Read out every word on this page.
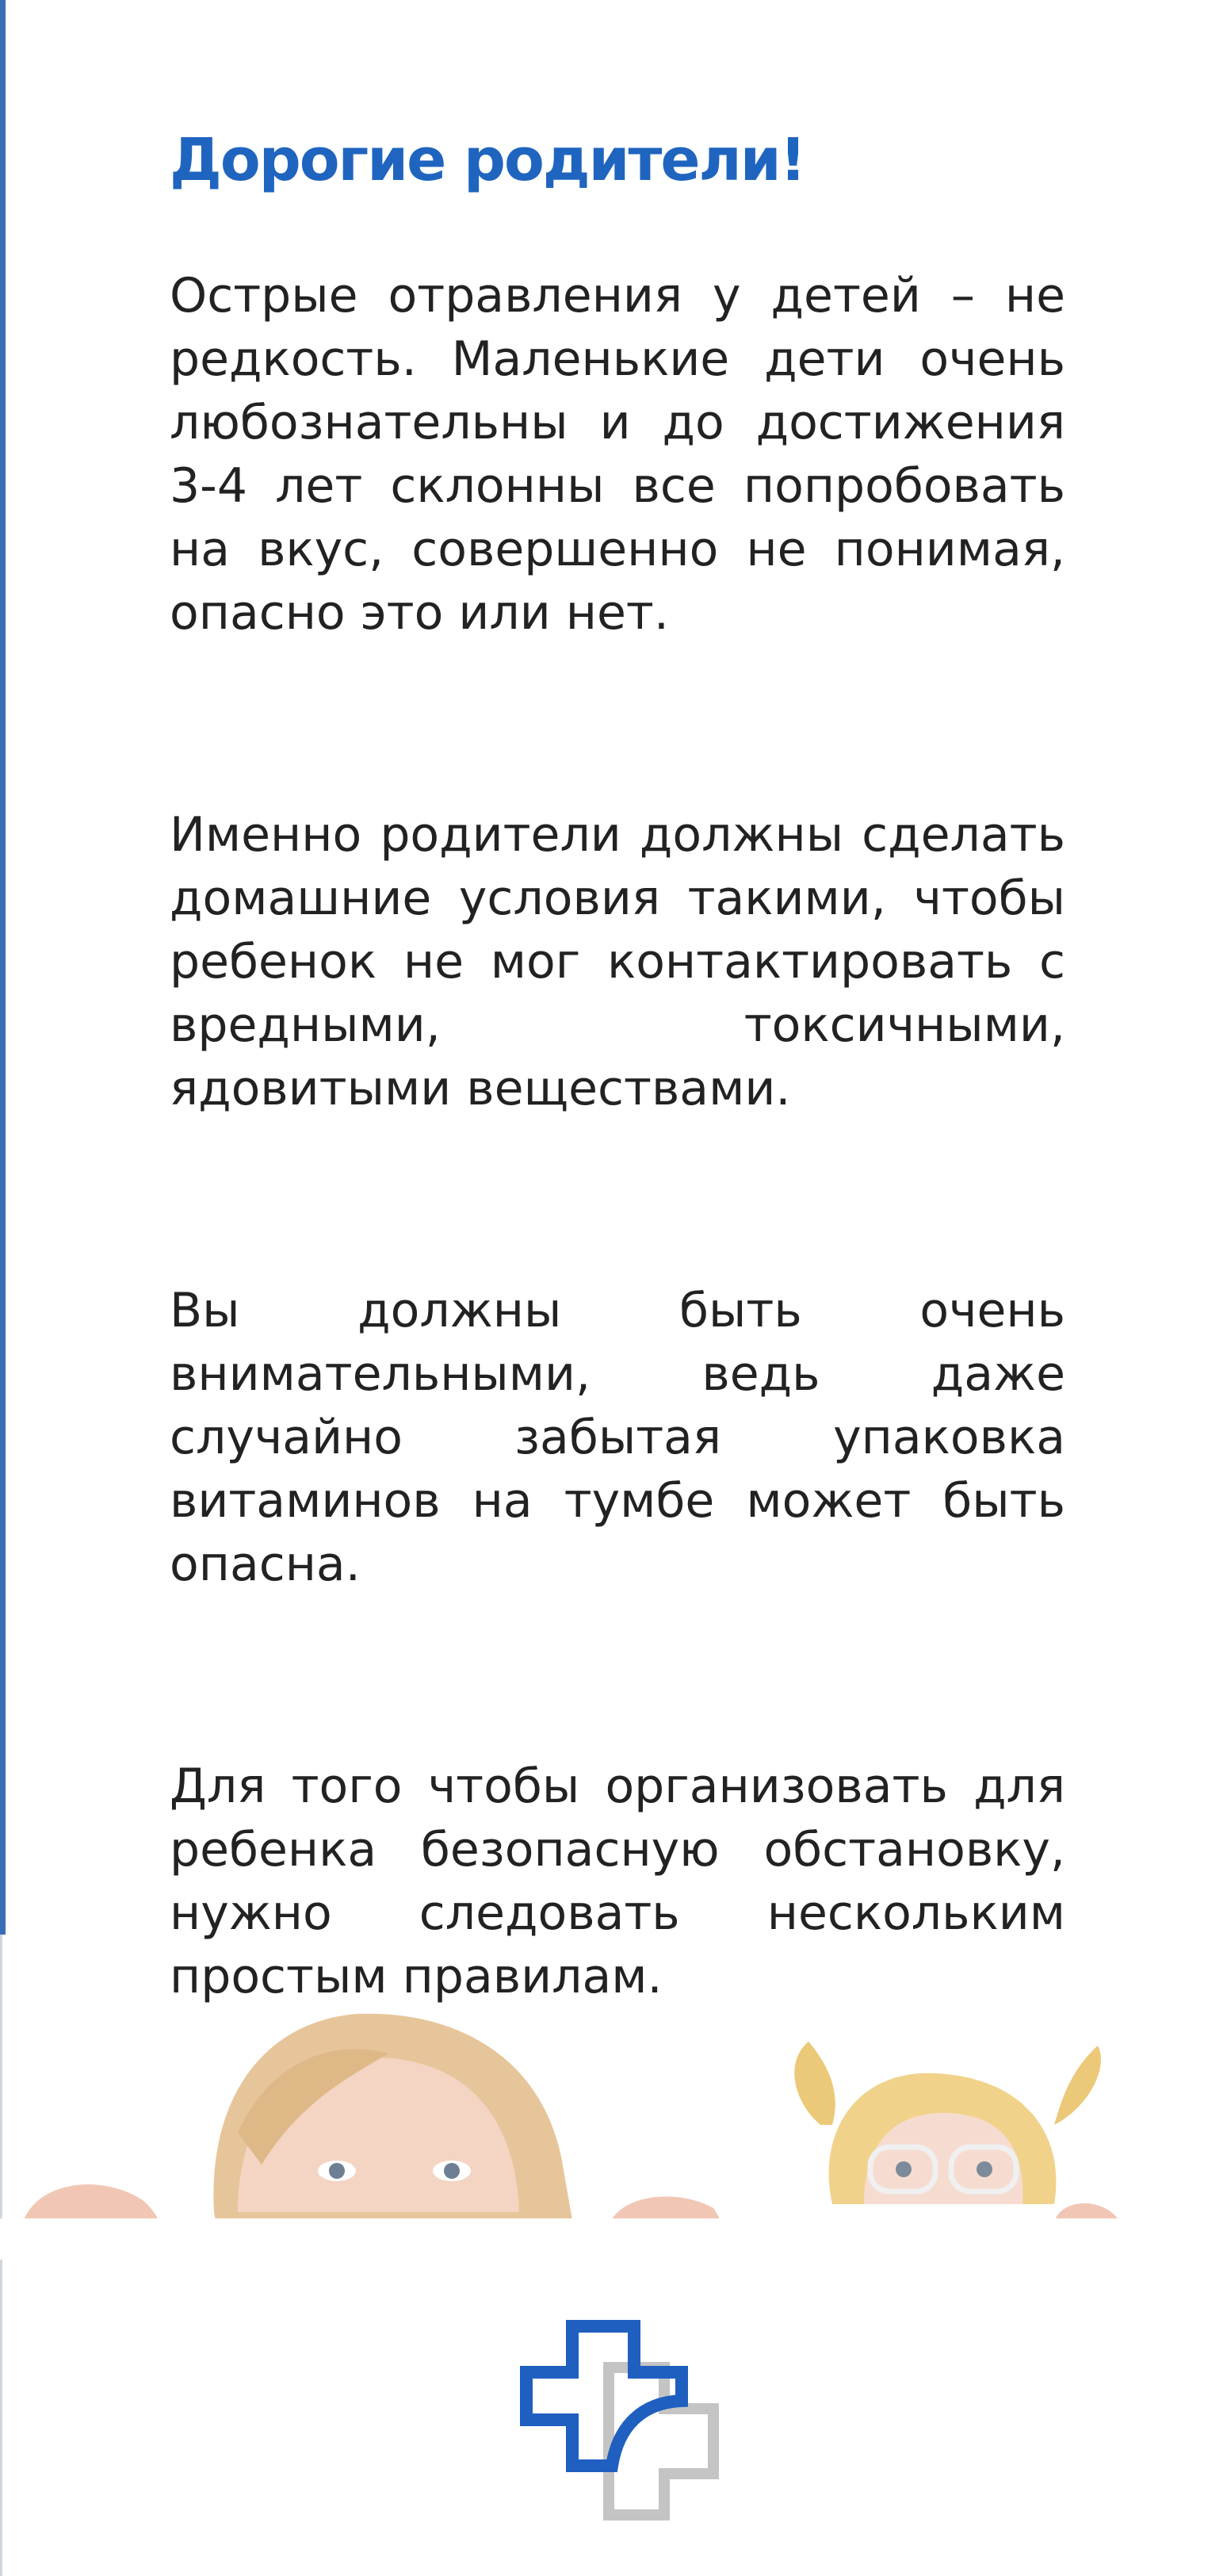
Дорогие родители!

Острые отравления у детей – не редкость. Маленькие дети очень любознательны и до достижения 3-4 лет склонны все попробовать на вкус, совершенно не понимая, опасно это или нет.

Именно родители должны сделать домашние условия такими, чтобы ребенок не мог контактировать с вредными, токсичными, ядовитыми веществами.

Вы должны быть очень внимательными, ведь даже случайно забытая упаковка витаминов на тумбе может быть опасна.

Для того чтобы организовать для ребенка безопасную обстановку, нужно следовать нескольким простым правилам.
